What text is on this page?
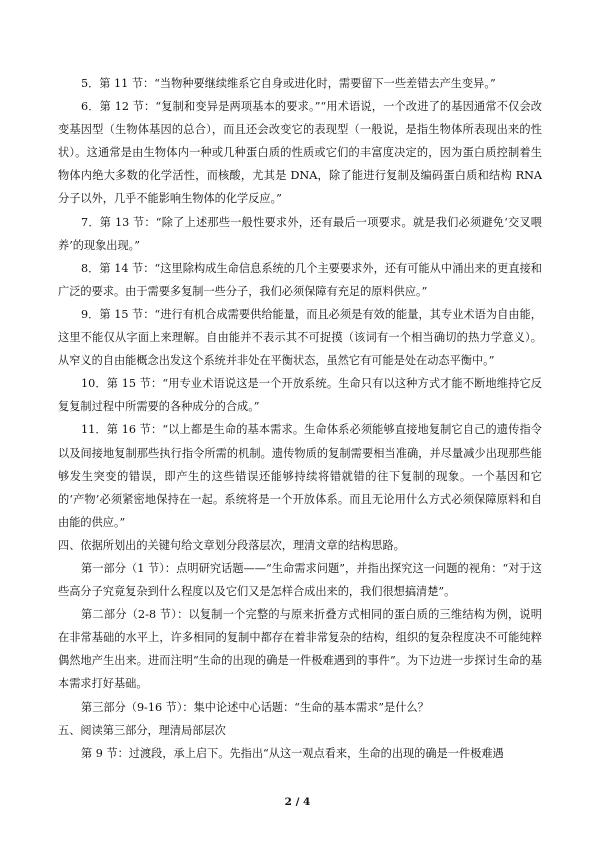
5．第 11 节：“当物种要继续维系它自身或进化时，需要留下一些差错去产生变异。”

6．第 12 节：“复制和变异是两项基本的要求。”“用术语说，一个改进了的基因通常不仅会改变基因型（生物体基因的总合），而且还会改变它的表现型（一般说，是指生物体所表现出来的性状）。这通常是由生物体内一种或几种蛋白质的性质或它们的丰富度决定的，因为蛋白质控制着生物体内绝大多数的化学活性，而核酸，尤其是 DNA，除了能进行复制及编码蛋白质和结构 RNA 分子以外，几乎不能影响生物体的化学反应。”

7．第 13 节：“除了上述那些一般性要求外，还有最后一项要求。就是我们必须避免‘交叉喂养’的现象出现。”

8．第 14 节：“这里除构成生命信息系统的几个主要要求外，还有可能从中涌出来的更直接和广泛的要求。由于需要多复制一些分子，我们必须保障有充足的原料供应。”

9．第 15 节：“进行有机合成需要供给能量，而且必须是有效的能量，其专业术语为自由能，这里不能仅从字面上来理解。自由能并不表示其不可捉摸（该词有一个相当确切的热力学意义）。从窄义的自由能概念出发这个系统并非处在平衡状态，虽然它有可能是处在动态平衡中。”

10．第 15 节：“用专业术语说这是一个开放系统。生命只有以这种方式才能不断地维持它反复复制过程中所需要的各种成分的合成。”

11．第 16 节：“以上都是生命的基本需求。生命体系必须能够直接地复制它自己的遗传指令以及间接地复制那些执行指令所需的机制。遗传物质的复制需要相当准确，并尽量减少出现那些能够发生突变的错误，即产生的这些错误还能够持续将错就错的往下复制的现象。一个基因和它的‘产物’必须紧密地保持在一起。系统将是一个开放体系。而且无论用什么方式必须保障原料和自由能的供应。”

四、依据所划出的关键句给文章划分段落层次，理清文章的结构思路。

第一部分（1 节）：点明研究话题——“生命需求问题”，并指出探究这一问题的视角：“对于这些高分子究竟复杂到什么程度以及它们又是怎样合成出来的，我们很想搞清楚”。

第二部分（2-8 节）：以复制一个完整的与原来折叠方式相同的蛋白质的三维结构为例，说明在非常基础的水平上，许多相同的复制中都存在着非常复杂的结构，组织的复杂程度决不可能纯粹偶然地产生出来。进而注明“生命的出现的确是一件极难遇到的事件”。为下边进一步探讨生命的基本需求打好基础。

第三部分（9-16 节）：集中论述中心话题：“生命的基本需求”是什么？

五、阅读第三部分，理清局部层次

第 9 节：过渡段，承上启下。先指出“从这一观点看来，生命的出现的确是一件极难遇

2 / 4
